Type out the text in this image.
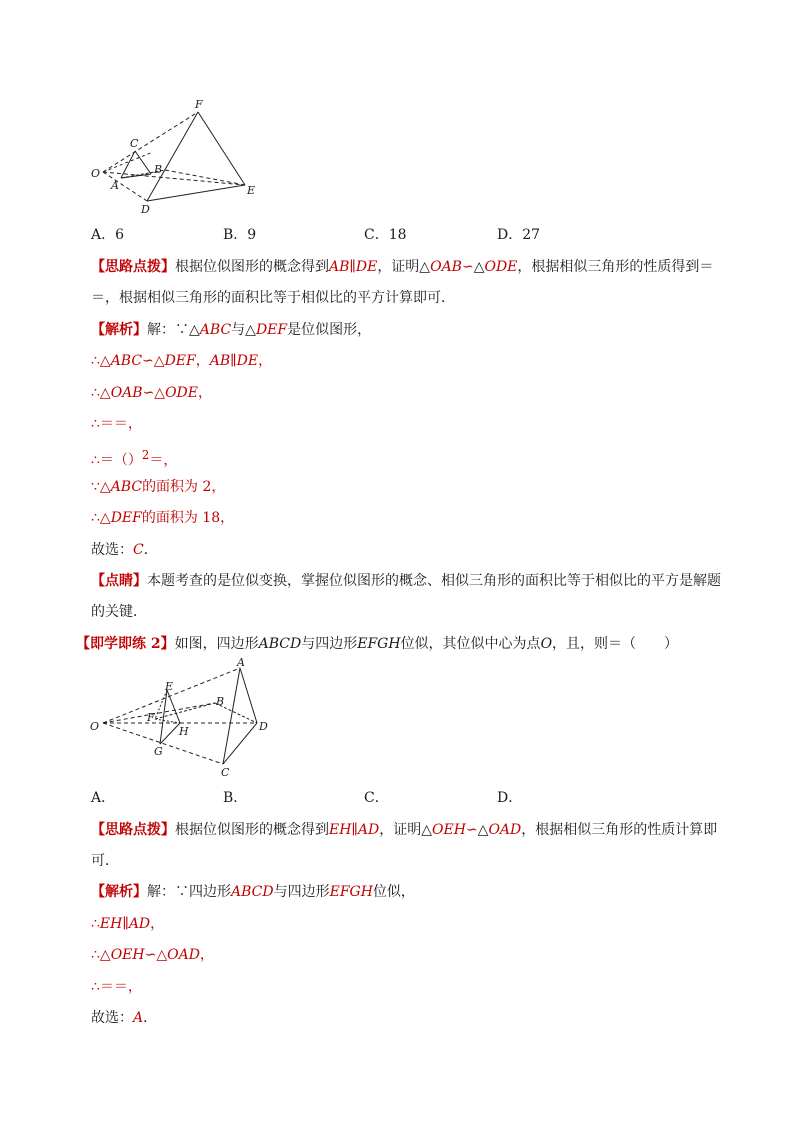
O
A
B
C
D
E
F
A．6	B．9	C．18	D．27
【思路点拨】根据位似图形的概念得到AB∥DE，证明△OAB∽△ODE，根据相似三角形的性质得到＝
＝，根据相似三角形的面积比等于相似比的平方计算即可．
【解析】解：∵△ABC与△DEF是位似图形，
∴△ABC∽△DEF，AB∥DE，
∴△OAB∽△ODE，
∴＝＝，
∴＝（）$^2$＝，
∵△ABC的面积为 2，
∴△DEF的面积为 18，
故选：C．
【点睛】本题考查的是位似变换，掌握位似图形的概念、相似三角形的面积比等于相似比的平方是解题
的关键．
【即学即练 2】如图，四边形ABCD与四边形EFGH位似，其位似中心为点O，且，则＝（　　）
O
A
B
C
D
E
F
G
H
A．	B．	C．	D．
【思路点拨】根据位似图形的概念得到EH∥AD，证明△OEH∽△OAD，根据相似三角形的性质计算即
可．
【解析】解：∵四边形ABCD与四边形EFGH位似，
∴EH∥AD，
∴△OEH∽△OAD，
∴＝＝，
故选：A．
